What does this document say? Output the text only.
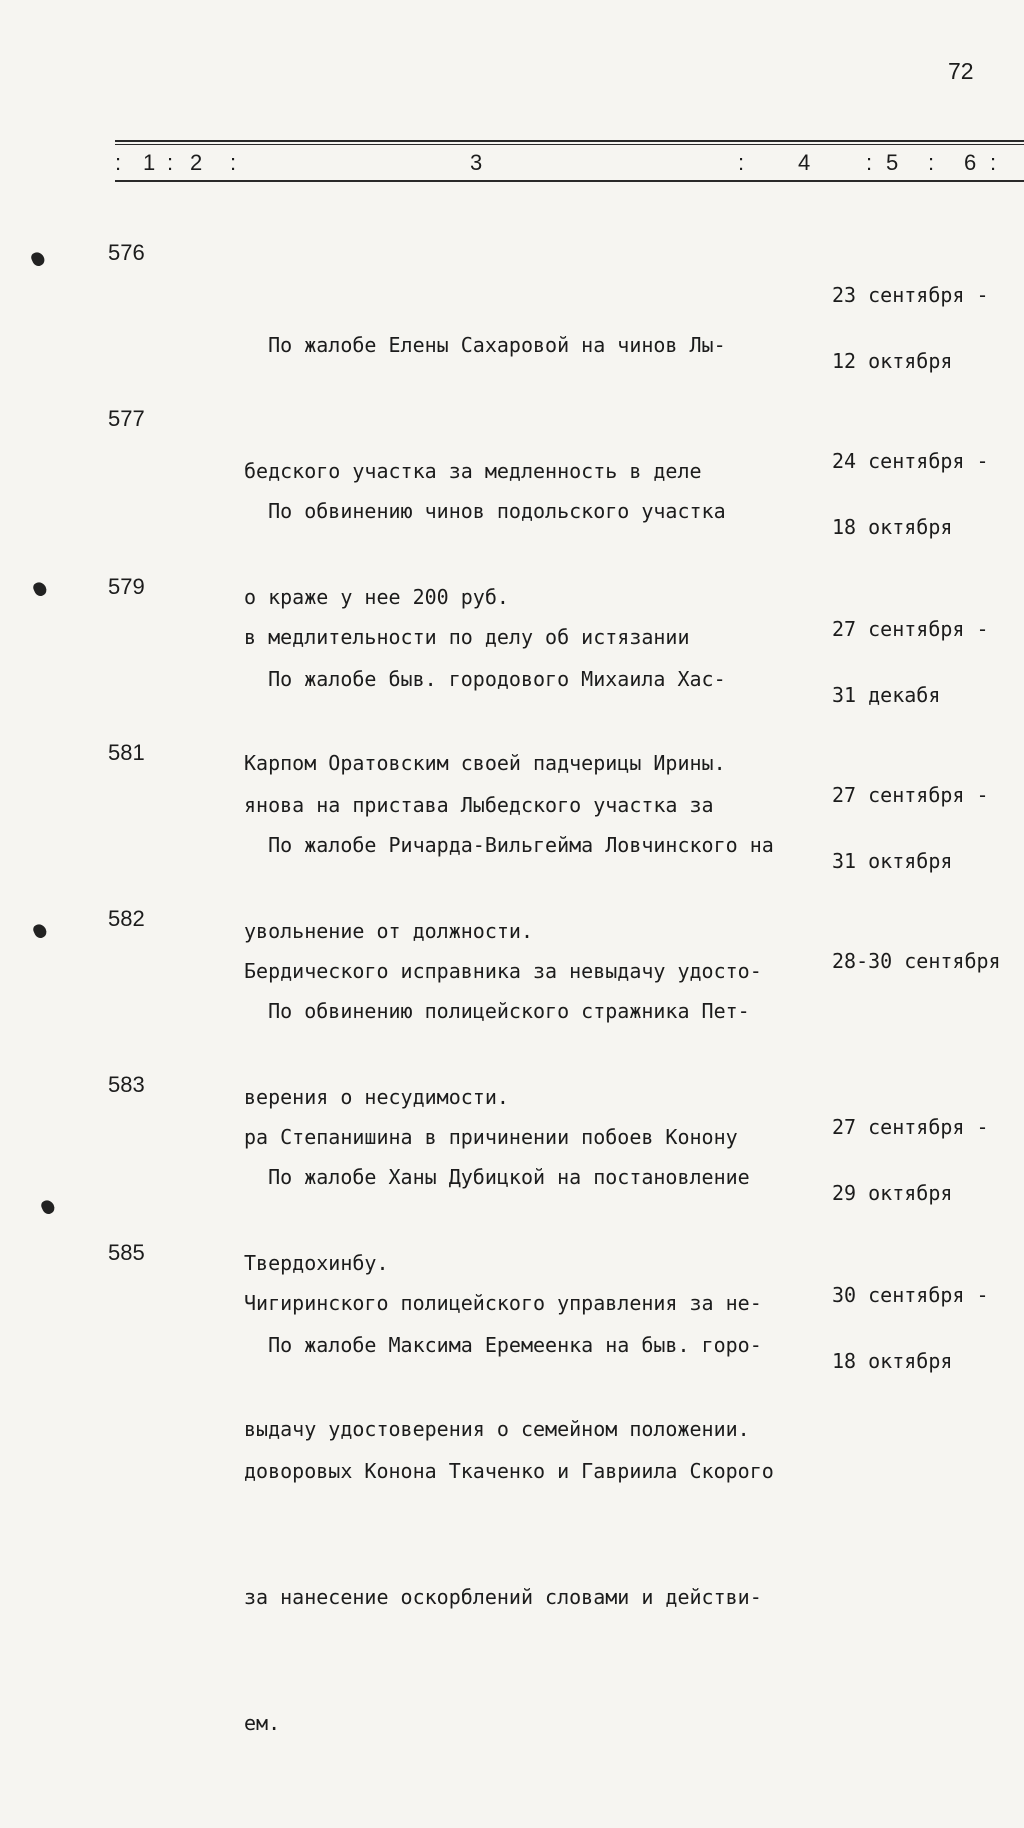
72
: 1 : 2 :	3	: 4	: 5 : 6 :
576

По жалобе Елены Сахаровой на чинов Лы-

бедского участка за медленность в деле

о краже у нее 200 руб.

23 сентября -

12 октября

577

По обвинению чинов подольского участка

в медлительности по делу об истязании

Карпом Оратовским своей падчерицы Ирины.

24 сентября -

18 октября

579

По жалобе быв. городового Михаила Хас-

янова на пристава Лыбедского участка за

увольнение от должности.

27 сентября -

31 декабя

581

По жалобе Ричарда-Вильгейма Ловчинского на

Бердического исправника за невыдачу удосто-

верения о несудимости.

27 сентября -

31 октября

582

По обвинению полицейского стражника Пет-

ра Степанишина в причинении побоев Конону

Твердохинбу.

28-30 сентября

583

По жалобе Ханы Дубицкой на постановление

Чигиринского полицейского управления за не-

выдачу удостоверения о семейном положении.

27 сентября -

29 октября

585

По жалобе Максима Еремеенка на быв. горо-

доворовых Конона Ткаченко и Гавриила Скорого

за нанесение оскорблений словами и действи-

ем.

30 сентября -

18 октября
